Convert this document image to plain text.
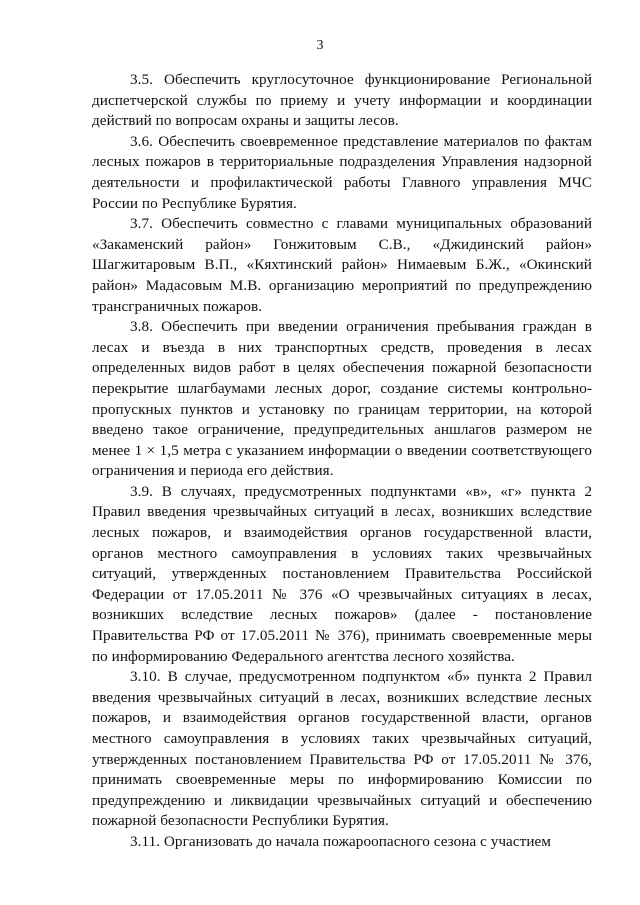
3

3.5. Обеспечить круглосуточное функционирование Региональной диспетчерской службы по приему и учету информации и координации действий по вопросам охраны и защиты лесов.

3.6. Обеспечить своевременное представление материалов по фактам лесных пожаров в территориальные подразделения Управления надзорной деятельности и профилактической работы Главного управления МЧС России по Республике Бурятия.

3.7. Обеспечить совместно с главами муниципальных образований «Закаменский район» Гонжитовым С.В., «Джидинский район» Шагжитаровым В.П., «Кяхтинский район» Нимаевым Б.Ж., «Окинский район» Мадасовым М.В. организацию мероприятий по предупреждению трансграничных пожаров.

3.8. Обеспечить при введении ограничения пребывания граждан в лесах и въезда в них транспортных средств, проведения в лесах определенных видов работ в целях обеспечения пожарной безопасности перекрытие шлагбаумами лесных дорог, создание системы контрольно-пропускных пунктов и установку по границам территории, на которой введено такое ограничение, предупредительных аншлагов размером не менее 1 × 1,5 метра с указанием информации о введении соответствующего ограничения и периода его действия.

3.9. В случаях, предусмотренных подпунктами «в», «г» пункта 2 Правил введения чрезвычайных ситуаций в лесах, возникших вследствие лесных пожаров, и взаимодействия органов государственной власти, органов местного самоуправления в условиях таких чрезвычайных ситуаций, утвержденных постановлением Правительства Российской Федерации от 17.05.2011 № 376 «О чрезвычайных ситуациях в лесах, возникших вследствие лесных пожаров» (далее - постановление Правительства РФ от 17.05.2011 № 376), принимать своевременные меры по информированию Федерального агентства лесного хозяйства.

3.10. В случае, предусмотренном подпунктом «б» пункта 2 Правил введения чрезвычайных ситуаций в лесах, возникших вследствие лесных пожаров, и взаимодействия органов государственной власти, органов местного самоуправления в условиях таких чрезвычайных ситуаций, утвержденных постановлением Правительства РФ от 17.05.2011 № 376, принимать своевременные меры по информированию Комиссии по предупреждению и ликвидации чрезвычайных ситуаций и обеспечению пожарной безопасности Республики Бурятия.

3.11. Организовать до начала пожароопасного сезона с участием
